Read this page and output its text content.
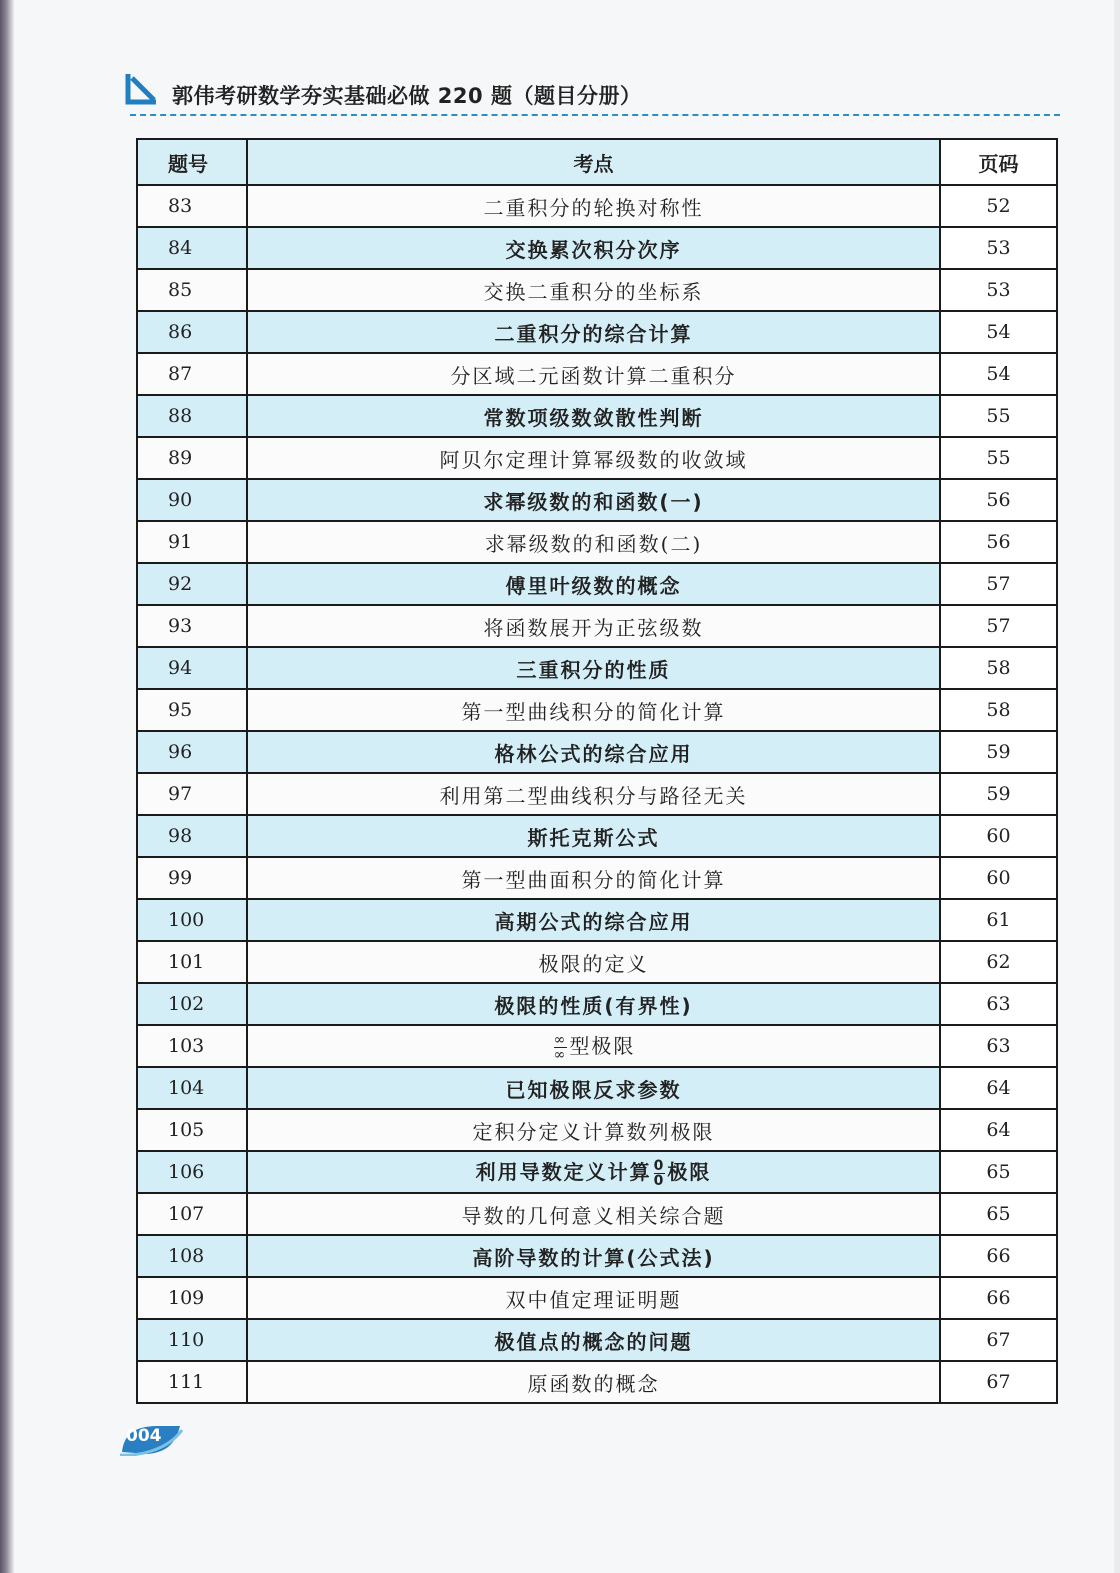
郭伟考研数学夯实基础必做 220 题（题目分册）
题号	考点	页码
83	二重积分的轮换对称性	52
84	交换累次积分次序	53
85	交换二重积分的坐标系	53
86	二重积分的综合计算	54
87	分区域二元函数计算二重积分	54
88	常数项级数敛散性判断	55
89	阿贝尔定理计算幂级数的收敛域	55
90	求幂级数的和函数(一)	56
91	求幂级数的和函数(二)	56
92	傅里叶级数的概念	57
93	将函数展开为正弦级数	57
94	三重积分的性质	58
95	第一型曲线积分的简化计算	58
96	格林公式的综合应用	59
97	利用第二型曲线积分与路径无关	59
98	斯托克斯公式	60
99	第一型曲面积分的简化计算	60
100	高期公式的综合应用	61
101	极限的定义	62
102	极限的性质(有界性)	63
103	$\frac{\infty}{\infty}$ 型极限	63
104	已知极限反求参数	64
105	定积分定义计算数列极限	64
106	利用导数定义计算 $\frac{0}{0}$ 极限	65
107	导数的几何意义相关综合题	65
108	高阶导数的计算(公式法)	66
109	双中值定理证明题	66
110	极值点的概念的问题	67
111	原函数的概念	67
004
